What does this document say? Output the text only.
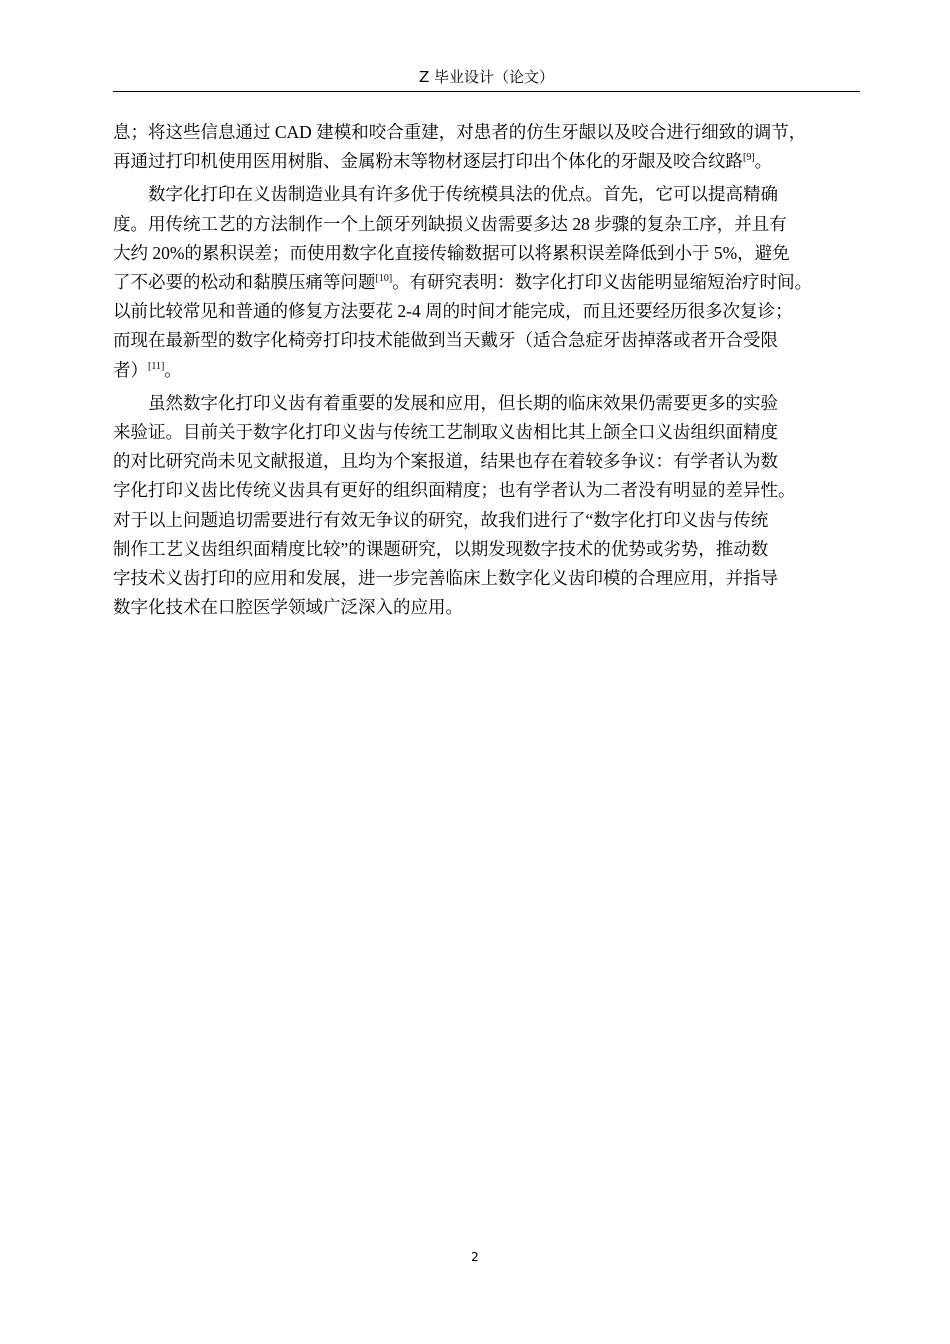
Z 毕业设计（论文）

息；将这些信息通过 CAD 建模和咬合重建，对患者的仿生牙龈以及咬合进行细致的调节，
再通过打印机使用医用树脂、金属粉末等物材逐层打印出个体化的牙龈及咬合纹路[9]。

数字化打印在义齿制造业具有许多优于传统模具法的优点。首先，它可以提高精确
度。用传统工艺的方法制作一个上颌牙列缺损义齿需要多达 28 步骤的复杂工序，并且有
大约 20%的累积误差；而使用数字化直接传输数据可以将累积误差降低到小于 5%，避免
了不必要的松动和黏膜压痛等问题[10]。有研究表明：数字化打印义齿能明显缩短治疗时间。
以前比较常见和普通的修复方法要花 2-4 周的时间才能完成，而且还要经历很多次复诊；
而现在最新型的数字化椅旁打印技术能做到当天戴牙（适合急症牙齿掉落或者开合受限
者）[11]。

虽然数字化打印义齿有着重要的发展和应用，但长期的临床效果仍需要更多的实验
来验证。目前关于数字化打印义齿与传统工艺制取义齿相比其上颌全口义齿组织面精度
的对比研究尚未见文献报道，且均为个案报道，结果也存在着较多争议：有学者认为数
字化打印义齿比传统义齿具有更好的组织面精度；也有学者认为二者没有明显的差异性。
对于以上问题追切需要进行有效无争议的研究，故我们进行了“数字化打印义齿与传统
制作工艺义齿组织面精度比较”的课题研究，以期发现数字技术的优势或劣势，推动数
字技术义齿打印的应用和发展，进一步完善临床上数字化义齿印模的合理应用，并指导
数字化技术在口腔医学领域广泛深入的应用。

2
